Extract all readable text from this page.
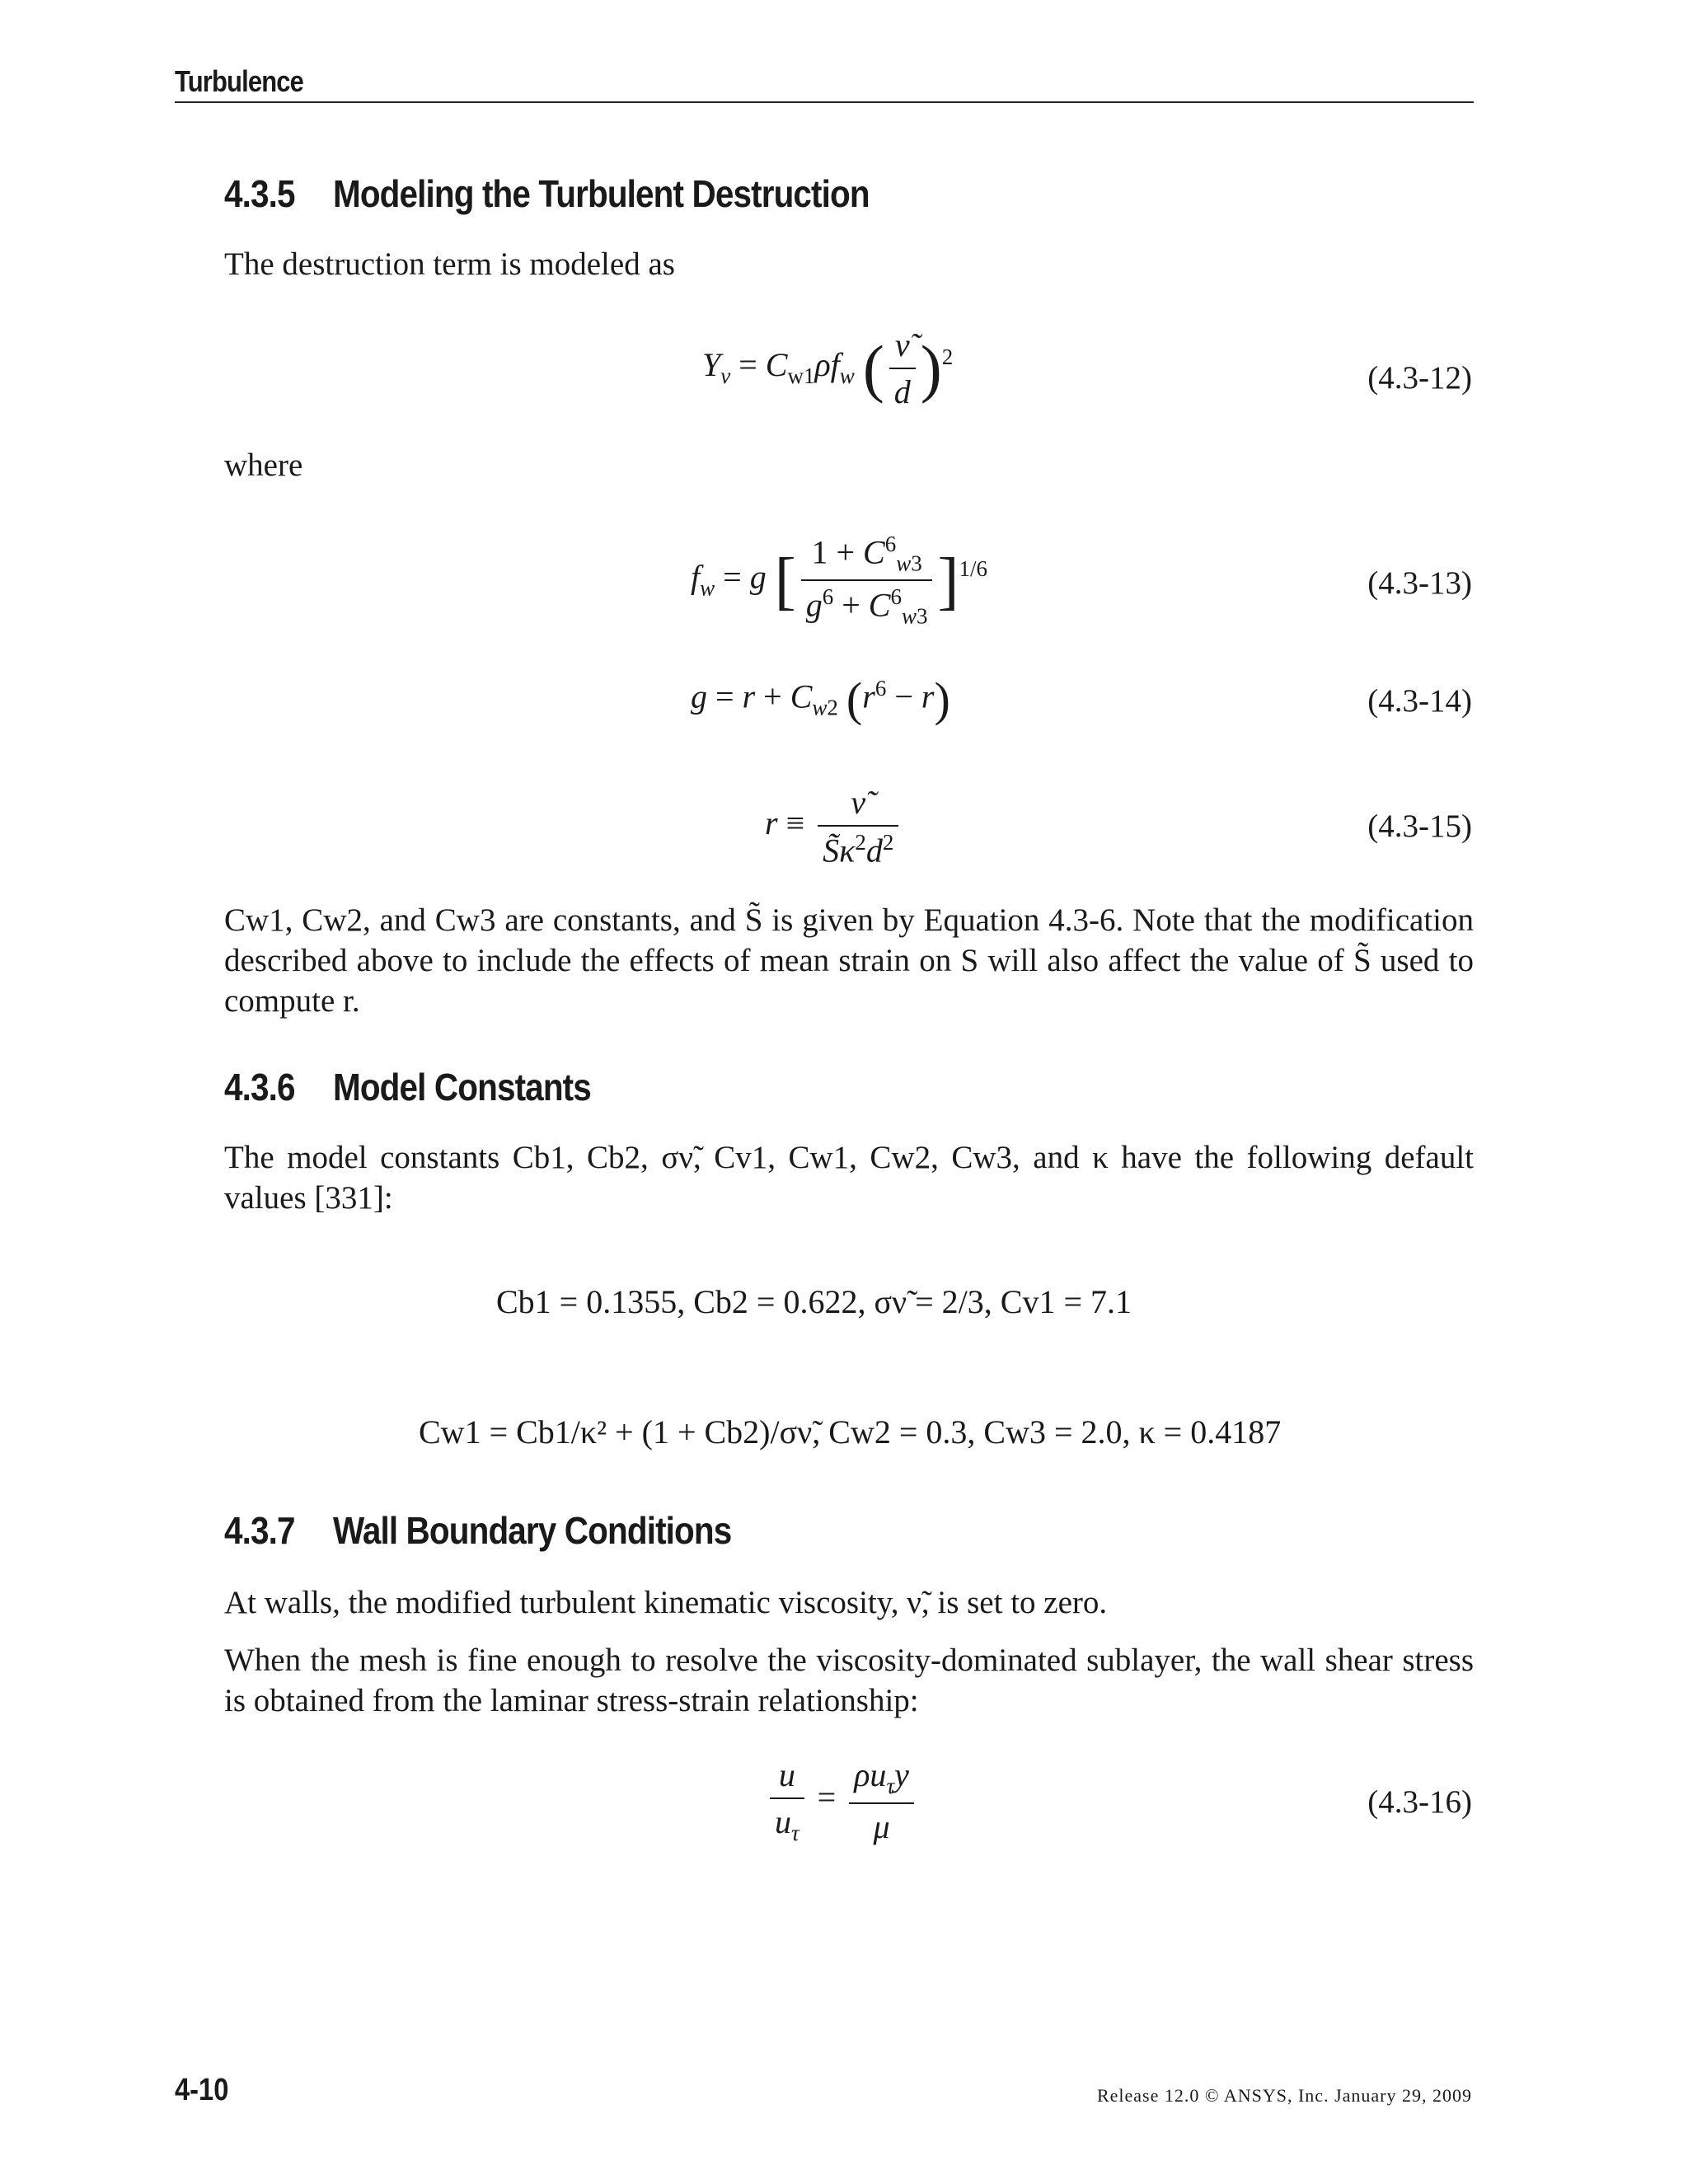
Turbulence
4.3.5 Modeling the Turbulent Destruction
The destruction term is modeled as
$Y_\nu = C_{w1}\rho f_w$ ( $\frac{\nũ}{d} )^2$
(4.3-12)
where
$f_w = g$ [ $\frac{1 + C^6_{w3}}{g^6 + C^6_{w3}} ]^{1/6}$	(4.3-13)
$g = r + C_{w2}$ $(r^6 - r)$	(4.3-14)
$r \equiv \frac{\nũ}{S̃\kappa^2d^2}$	(4.3-15)
Cw1, Cw2, and Cw3 are constants, and S̃ is given by Equation 4.3-6. Note that the modification described above to include the effects of mean strain on S will also affect the value of S̃ used to compute r.
4.3.6 Model Constants
The model constants Cb1, Cb2, σν̃, Cv1, Cw1, Cw2, Cw3, and κ have the following default values [331]:
Cb1 = 0.1355, Cb2 = 0.622, σν̃ = 2/3, Cv1 = 7.1
Cw1 = Cb1/κ² + (1 + Cb2)/σν̃, Cw2 = 0.3, Cw3 = 2.0, κ = 0.4187
4.3.7 Wall Boundary Conditions
At walls, the modified turbulent kinematic viscosity, ν̃, is set to zero.
When the mesh is fine enough to resolve the viscosity-dominated sublayer, the wall shear stress is obtained from the laminar stress-strain relationship:
$\frac{u}{u_\tau} = \frac{\rho u_\tau y}{\mu}$	(4.3-16)
4-10	Release 12.0 © ANSYS, Inc. January 29, 2009
